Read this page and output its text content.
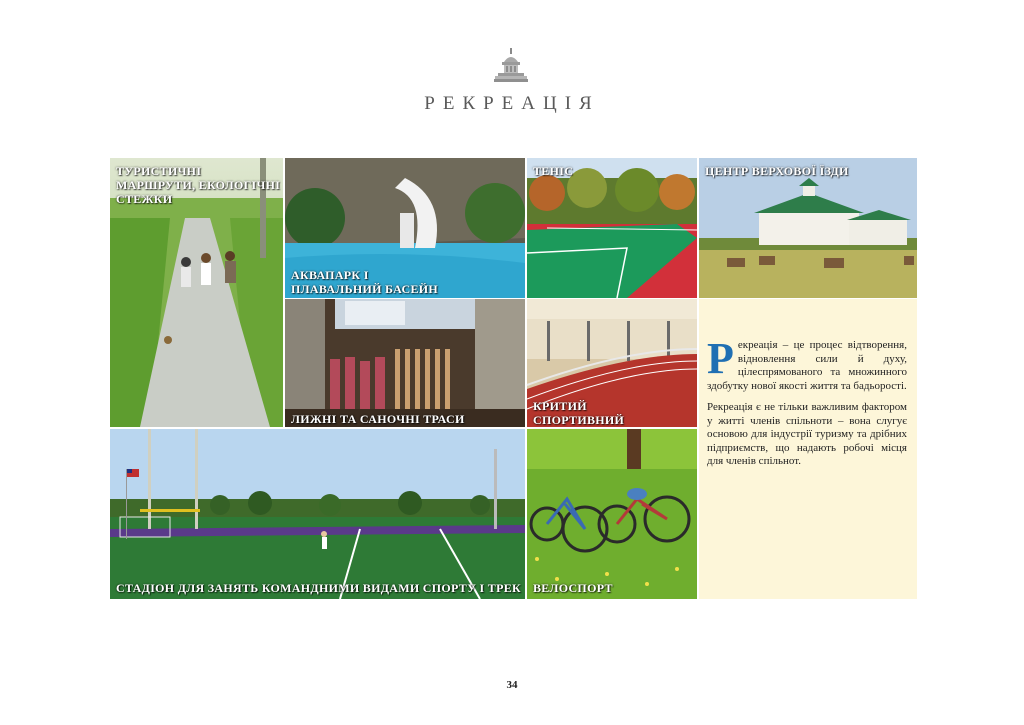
РЕКРЕАЦІЯ
ТУРИСТИЧНІ МАРШРУТИ, ЕКОЛОГІЧНІ СТЕЖКИ
АКВАПАРК І ПЛАВАЛЬНИЙ БАСЕЙН
ТЕНІС	ЦЕНТР ВЕРХОВОЇ ЇЗДИ
ЛИЖНІ ТА САНОЧНІ ТРАСИ
КРИТИЙ СПОРТИВНИЙ
СТАДІОН ДЛЯ ЗАНЯТЬ КОМАНДНИМИ ВИДАМИ СПОРТУ І ТРЕК ВЕЛОСПОРТ

Рекреація – це процес відтворення, відновлення сили й духу, цілеспрямованого та множинного здобутку нової якості життя та бадьорості.

Рекреація є не тільки важливим фактором у житті членів спільноти – вона слугує основою для індустрії туризму та дрібних підприємств, що надають робочі місця для членів спільнот.

34
